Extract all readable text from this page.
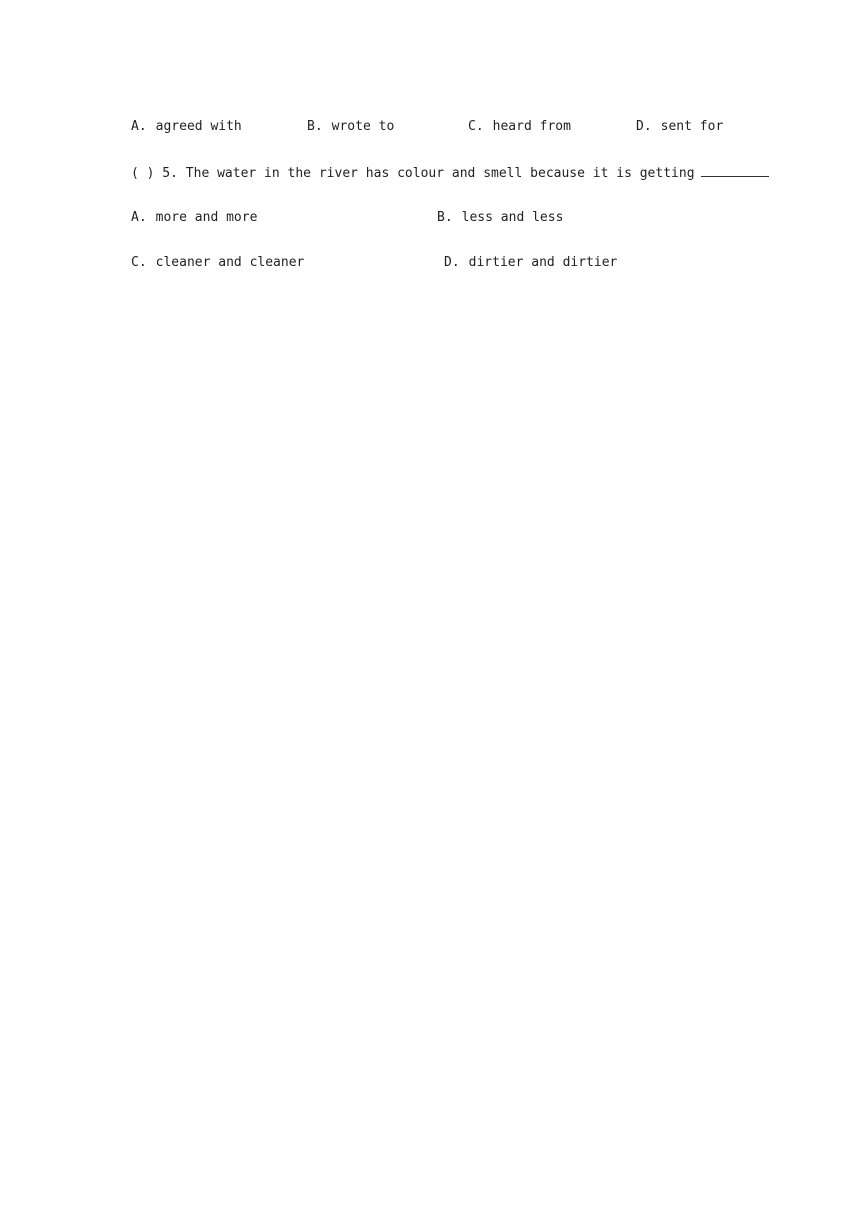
A. agreed with	B. wrote to	C. heard from	D. sent for
( ) 5. The water in the river has colour and smell because it is getting
A. more and more	B. less and less
C. cleaner and cleaner	D. dirtier and dirtier
